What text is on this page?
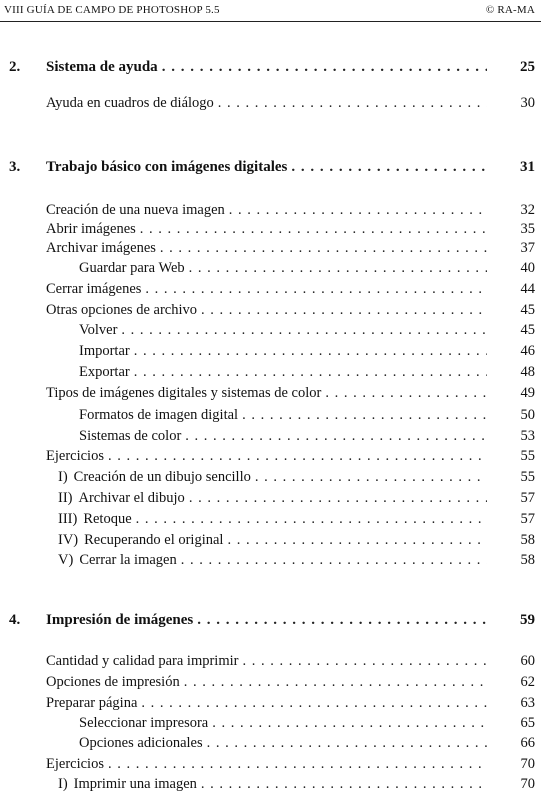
VIII GUÍA DE CAMPO DE PHOTOSHOP 5.5	© RA-MA
2. Sistema de ayuda . . .	25
Ayuda en cuadros de diálogo . . .	30
3. Trabajo básico con imágenes digitales . . .	31
Creación de una nueva imagen . . .	32
Abrir imágenes . . .	35
Archivar imágenes . . .	37
Guardar para Web . . .	40
Cerrar imágenes . . .	44
Otras opciones de archivo . . .	45
Volver . . .	45
Importar . . .	46
Exportar . . .	48
Tipos de imágenes digitales y sistemas de color . . .	49
Formatos de imagen digital . . .	50
Sistemas de color . . .	53
Ejercicios . . .	55
I) Creación de un dibujo sencillo . . .	55
II) Archivar el dibujo . . .	57
III) Retoque . . .	57
IV) Recuperando el original . . .	58
V) Cerrar la imagen . . .	58
4. Impresión de imágenes . . .	59
Cantidad y calidad para imprimir . . .	60
Opciones de impresión . . .	62
Preparar página . . .	63
Seleccionar impresora . . .	65
Opciones adicionales . . .	66
Ejercicios . . .	70
I) Imprimir una imagen . . .	70
